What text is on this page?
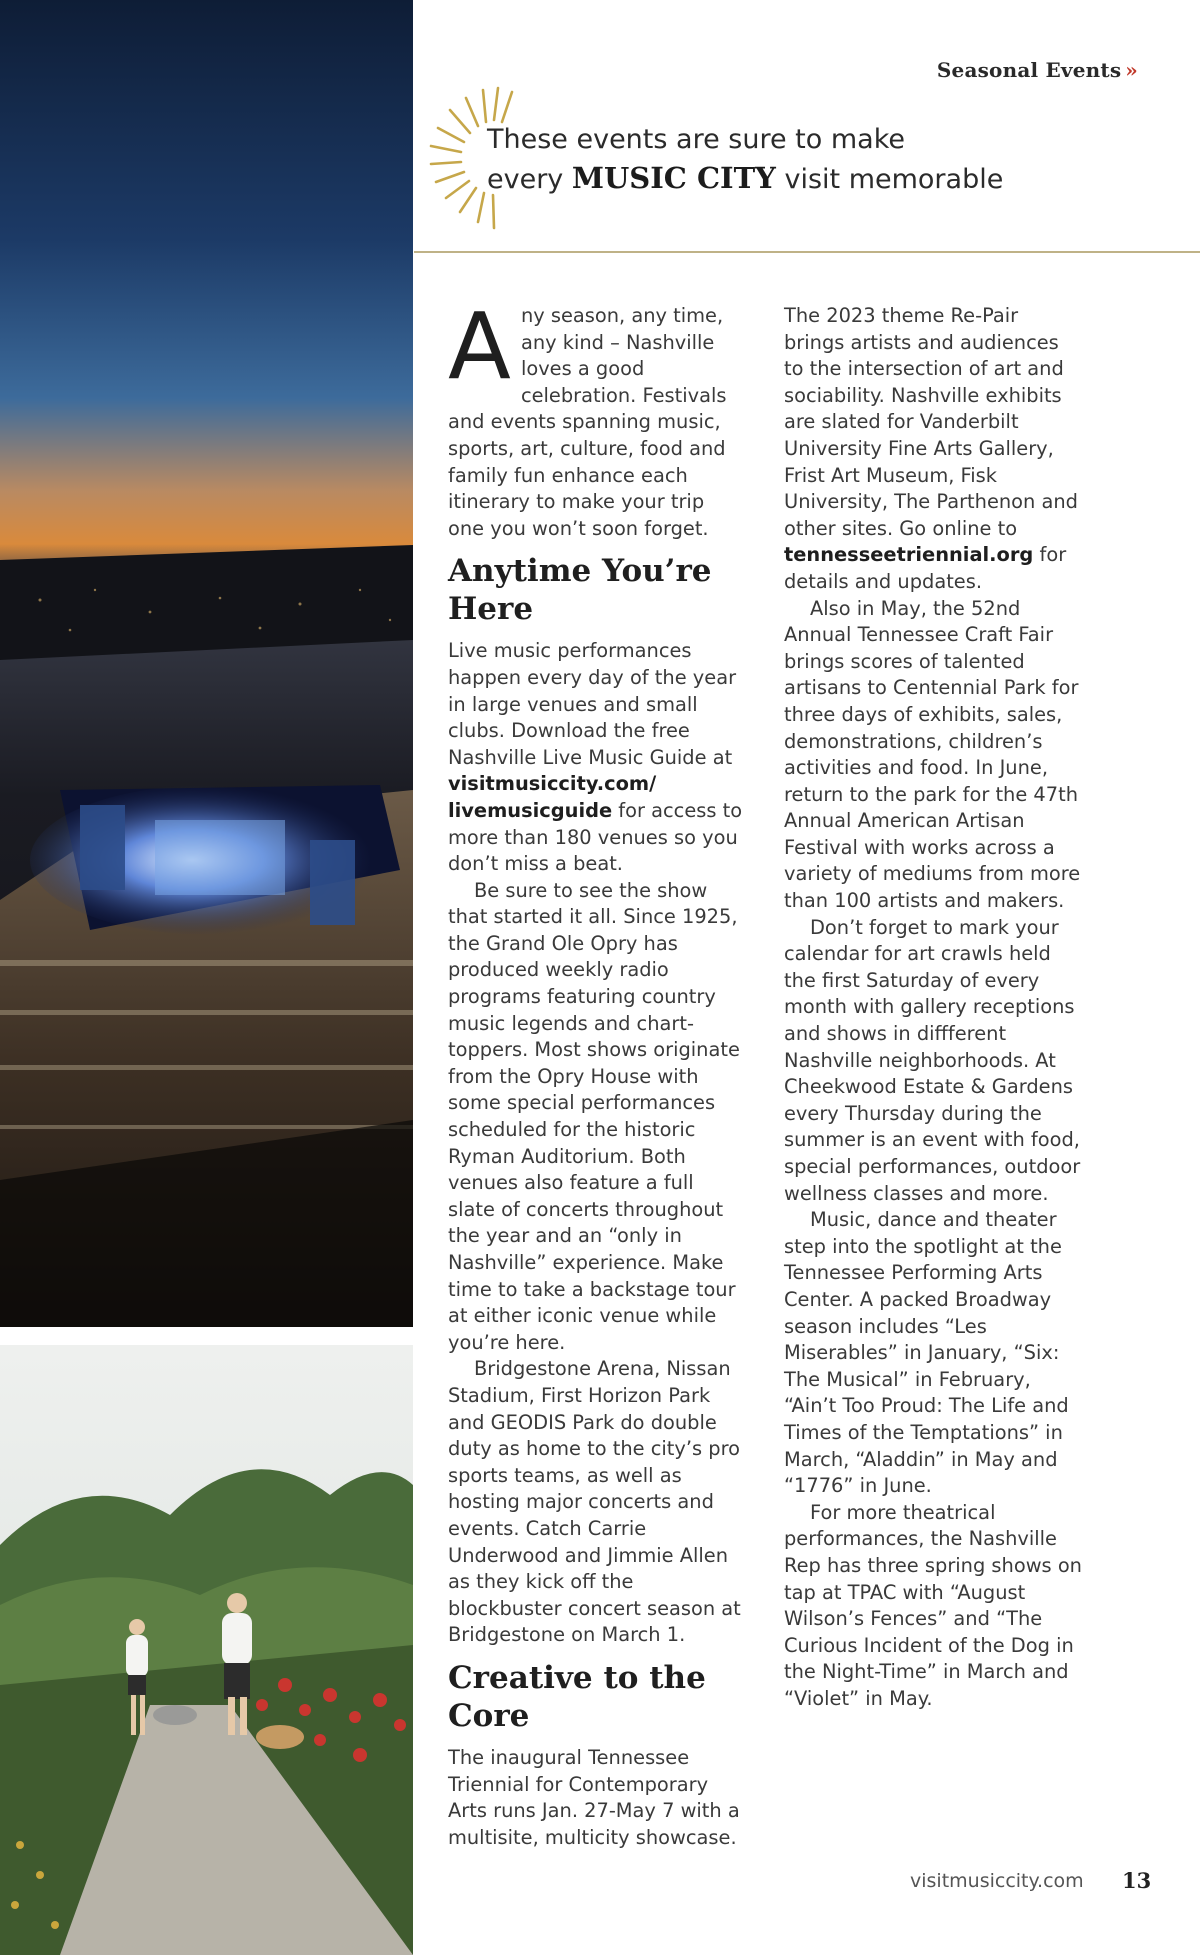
Seasonal Events »
These events are sure to make
every MUSIC CITY visit memorable

Any season, any time, any kind – Nashville loves a good celebration. Festivals and events spanning music, sports, art, culture, food and family fun enhance each itinerary to make your trip one you won’t soon forget.

Anytime You’re Here

Live music performances happen every day of the year in large venues and small clubs. Download the free Nashville Live Music Guide at visitmusiccity.com/ livemusicguide for access to more than 180 venues so you don’t miss a beat.

Be sure to see the show that started it all. Since 1925, the Grand Ole Opry has produced weekly radio programs featuring country music legends and chart-toppers. Most shows originate from the Opry House with some special performances scheduled for the historic Ryman Auditorium. Both venues also feature a full slate of concerts throughout the year and an “only in Nashville” experience. Make time to take a backstage tour at either iconic venue while you’re here.

Bridgestone Arena, Nissan Stadium, First Horizon Park and GEODIS Park do double duty as home to the city’s pro sports teams, as well as hosting major concerts and events. Catch Carrie Underwood and Jimmie Allen as they kick off the blockbuster concert season at Bridgestone on March 1.

Creative to the Core

The inaugural Tennessee Triennial for Contemporary Arts runs Jan. 27-May 7 with a multisite, multicity showcase.

The 2023 theme Re-Pair brings artists and audiences to the intersection of art and sociability. Nashville exhibits are slated for Vanderbilt University Fine Arts Gallery, Frist Art Museum, Fisk University, The Parthenon and other sites. Go online to tennesseetriennial.org for details and updates.

Also in May, the 52nd Annual Tennessee Craft Fair brings scores of talented artisans to Centennial Park for three days of exhibits, sales, demonstrations, children’s activities and food. In June, return to the park for the 47th Annual American Artisan Festival with works across a variety of mediums from more than 100 artists and makers.

Don’t forget to mark your calendar for art crawls held the first Saturday of every month with gallery receptions and shows in diffferent Nashville neighborhoods. At Cheekwood Estate & Gardens every Thursday during the summer is an event with food, special performances, outdoor wellness classes and more.

Music, dance and theater step into the spotlight at the Tennessee Performing Arts Center. A packed Broadway season includes “Les Miserables” in January, “Six: The Musical” in February, “Ain’t Too Proud: The Life and Times of the Temptations” in March, “Aladdin” in May and “1776” in June.

For more theatrical performances, the Nashville Rep has three spring shows on tap at TPAC with “August Wilson’s Fences” and “The Curious Incident of the Dog in the Night-Time” in March and “Violet” in May.

visitmusiccity.com 13
